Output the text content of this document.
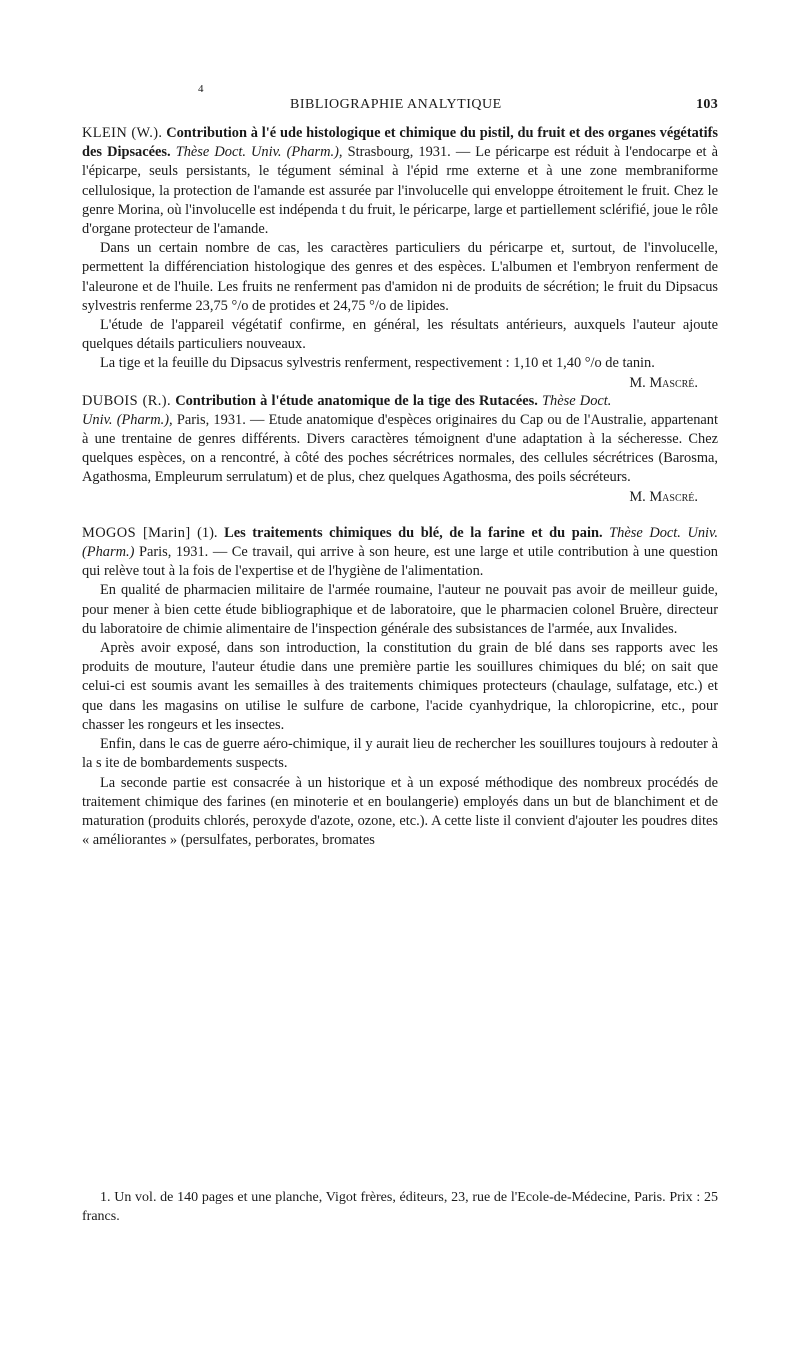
4
BIBLIOGRAPHIE ANALYTIQUE	103

KLEIN (W.). Contribution à l'é ude histologique et chimique du pistil, du fruit et des organes végétatifs des Dipsacées. Thèse Doct. Univ. (Pharm.), Strasbourg, 1931. — Le péricarpe est réduit à l'endocarpe et à l'épicarpe, seuls persistants, le tégument séminal à l'épid rme externe et à une zone membraniforme cellulosique, la protection de l'amande est assurée par l'involucelle qui enveloppe étroitement le fruit. Chez le genre Morina, où l'involucelle est indépenda t du fruit, le péricarpe, large et partiellement sclérifié, joue le rôle d'organe protecteur de l'amande.

Dans un certain nombre de cas, les caractères particuliers du péricarpe et, surtout, de l'involucelle, permettent la différenciation histologique des genres et des espèces. L'albumen et l'embryon renferment de l'aleurone et de l'huile. Les fruits ne renferment pas d'amidon ni de produits de sécrétion; le fruit du Dipsacus sylvestris renferme 23,75 °/o de protides et 24,75 °/o de lipides.

L'étude de l'appareil végétatif confirme, en général, les résultats antérieurs, auxquels l'auteur ajoute quelques détails particuliers nouveaux.

La tige et la feuille du Dipsacus sylvestris renferment, respectivement : 1,10 et 1,40 °/o de tanin.
M. Mascré.

DUBOIS (R.). Contribution à l'étude anatomique de la tige des Rutacées. Thèse Doct. Univ. (Pharm.), Paris, 1931. — Etude anatomique d'espèces originaires du Cap ou de l'Australie, appartenant à une trentaine de genres différents. Divers caractères témoignent d'une adaptation à la sécheresse. Chez quelques espèces, on a rencontré, à côté des poches sécrétrices normales, des cellules sécrétrices (Barosma, Agathosma, Empleurum serrulatum) et de plus, chez quelques Agathosma, des poils sécréteurs.

M. Mascré.

MOGOS [Marin] (1). Les traitements chimiques du blé, de la farine et du pain. Thèse Doct. Univ. (Pharm.) Paris, 1931. — Ce travail, qui arrive à son heure, est une large et utile contribution à une question qui relève tout à la fois de l'expertise et de l'hygiène de l'alimentation.

En qualité de pharmacien militaire de l'armée roumaine, l'auteur ne pouvait pas avoir de meilleur guide, pour mener à bien cette étude bibliographique et de laboratoire, que le pharmacien colonel Bruère, directeur du laboratoire de chimie alimentaire de l'inspection générale des subsistances de l'armée, aux Invalides.

Après avoir exposé, dans son introduction, la constitution du grain de blé dans ses rapports avec les produits de mouture, l'auteur étudie dans une première partie les souillures chimiques du blé; on sait que celui-ci est soumis avant les semailles à des traitements chimiques protecteurs (chaulage, sulfatage, etc.) et que dans les magasins on utilise le sulfure de carbone, l'acide cyanhydrique, la chloropicrine, etc., pour chasser les rongeurs et les insectes.

Enfin, dans le cas de guerre aéro-chimique, il y aurait lieu de rechercher les souillures toujours à redouter à la s ite de bombardements suspects.

La seconde partie est consacrée à un historique et à un exposé méthodique des nombreux procédés de traitement chimique des farines (en minoterie et en boulangerie) employés dans un but de blanchiment et de maturation (produits chlorés, peroxyde d'azote, ozone, etc.). A cette liste il convient d'ajouter les poudres dites « améliorantes » (persulfates, perborates, bromates

1. Un vol. de 140 pages et une planche, Vigot frères, éditeurs, 23, rue de l'Ecole-de-Médecine, Paris. Prix : 25 francs.
